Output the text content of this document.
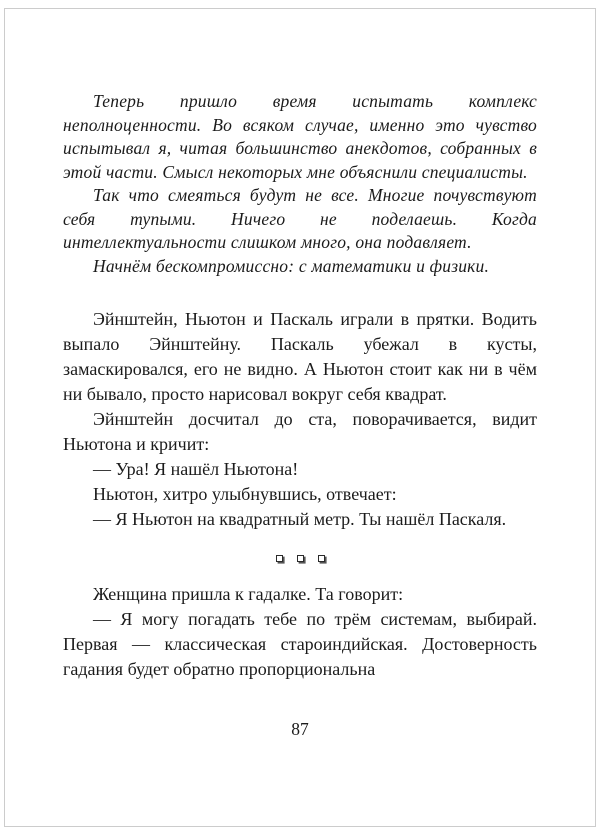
Теперь пришло время испытать комплекс неполноценности. Во всяком случае, именно это чувство испытывал я, читая большинство анекдотов, собранных в этой части. Смысл некоторых мне объяснили специалисты.

Так что смеяться будут не все. Многие почувствуют себя тупыми. Ничего не поделаешь. Когда интеллектуальности слишком много, она подавляет.

Начнём бескомпромиссно: с математики и физики.

Эйнштейн, Ньютон и Паскаль играли в прятки. Водить выпало Эйнштейну. Паскаль убежал в кусты, замаскировался, его не видно. А Ньютон стоит как ни в чём ни бывало, просто нарисовал вокруг себя квадрат.

Эйнштейн досчитал до ста, поворачивается, видит Ньютона и кричит:

— Ура! Я нашёл Ньютона!

Ньютон, хитро улыбнувшись, отвечает:

— Я Ньютон на квадратный метр. Ты нашёл Паскаля.

Женщина пришла к гадалке. Та говорит:

— Я могу погадать тебе по трём системам, выбирай. Первая — классическая староиндийская. Достоверность гадания будет обратно пропорциональна

87
